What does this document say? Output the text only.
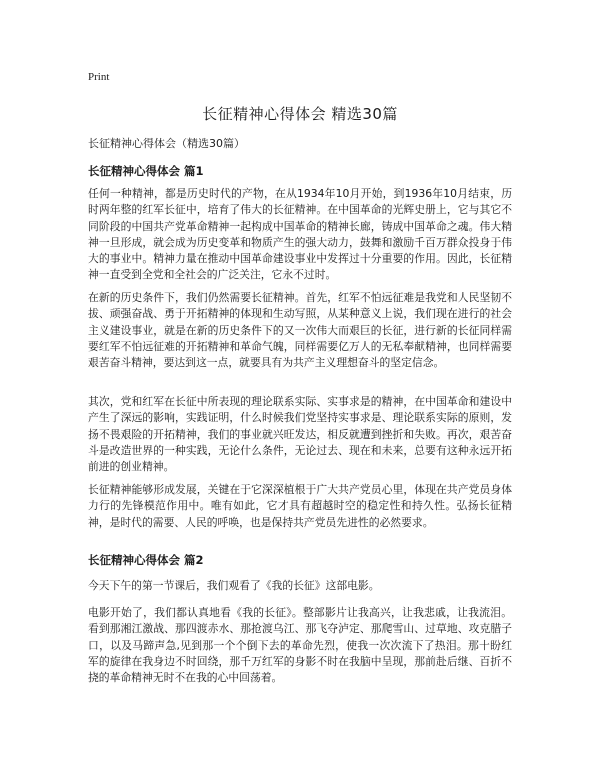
Print
长征精神心得体会 精选30篇

长征精神心得体会（精选30篇）

长征精神心得体会 篇1

任何一种精神，都是历史时代的产物，在从1934年10月开始，到1936年10月结束，历时两年整的红军长征中，培育了伟大的长征精神。在中国革命的光辉史册上，它与其它不同阶段的中国共产党革命精神一起构成中国革命的精神长廊，铸成中国革命之魂。伟大精神一旦形成，就会成为历史变革和物质产生的强大动力，鼓舞和激励千百万群众投身于伟大的事业中。精神力量在推动中国革命建设事业中发挥过十分重要的作用。因此，长征精神一直受到全党和全社会的广泛关注，它永不过时。

在新的历史条件下，我们仍然需要长征精神。首先，红军不怕远征难是我党和人民坚韧不拔、顽强奋战、勇于开拓精神的体现和生动写照，从某种意义上说，我们现在进行的社会主义建设事业，就是在新的历史条件下的又一次伟大而艰巨的长征，进行新的长征同样需要红军不怕远征难的开拓精神和革命气魄，同样需要亿万人的无私奉献精神，也同样需要艰苦奋斗精神，要达到这一点，就要具有为共产主义理想奋斗的坚定信念。

其次，党和红军在长征中所表现的理论联系实际、实事求是的精神，在中国革命和建设中产生了深远的影响，实践证明，什么时候我们党坚持实事求是、理论联系实际的原则，发扬不畏艰险的开拓精神，我们的事业就兴旺发达，相反就遭到挫折和失败。再次，艰苦奋斗是改造世界的一种实践，无论什么条件，无论过去、现在和未来，总要有这种永远开拓前进的创业精神。

长征精神能够形成发展，关键在于它深深植根于广大共产党员心里，体现在共产党员身体力行的先锋模范作用中。唯有如此，它才具有超越时空的稳定性和持久性。弘扬长征精神，是时代的需要、人民的呼唤，也是保持共产党员先进性的必然要求。

长征精神心得体会 篇2

今天下午的第一节课后，我们观看了《我的长征》这部电影。

电影开始了，我们都认真地看《我的长征》。整部影片让我高兴，让我悲戚，让我流泪。看到那湘江激战、那四渡赤水、那抢渡乌江、那飞夺泸定、那爬雪山、过草地、攻克腊子口，以及马蹄声急,见到那一个个倒下去的革命先烈，使我一次次流下了热泪。那十盼红军的旋律在我身边不时回绕，那千万红军的身影不时在我脑中呈现，那前赴后继、百折不挠的革命精神无时不在我的心中回荡着。
